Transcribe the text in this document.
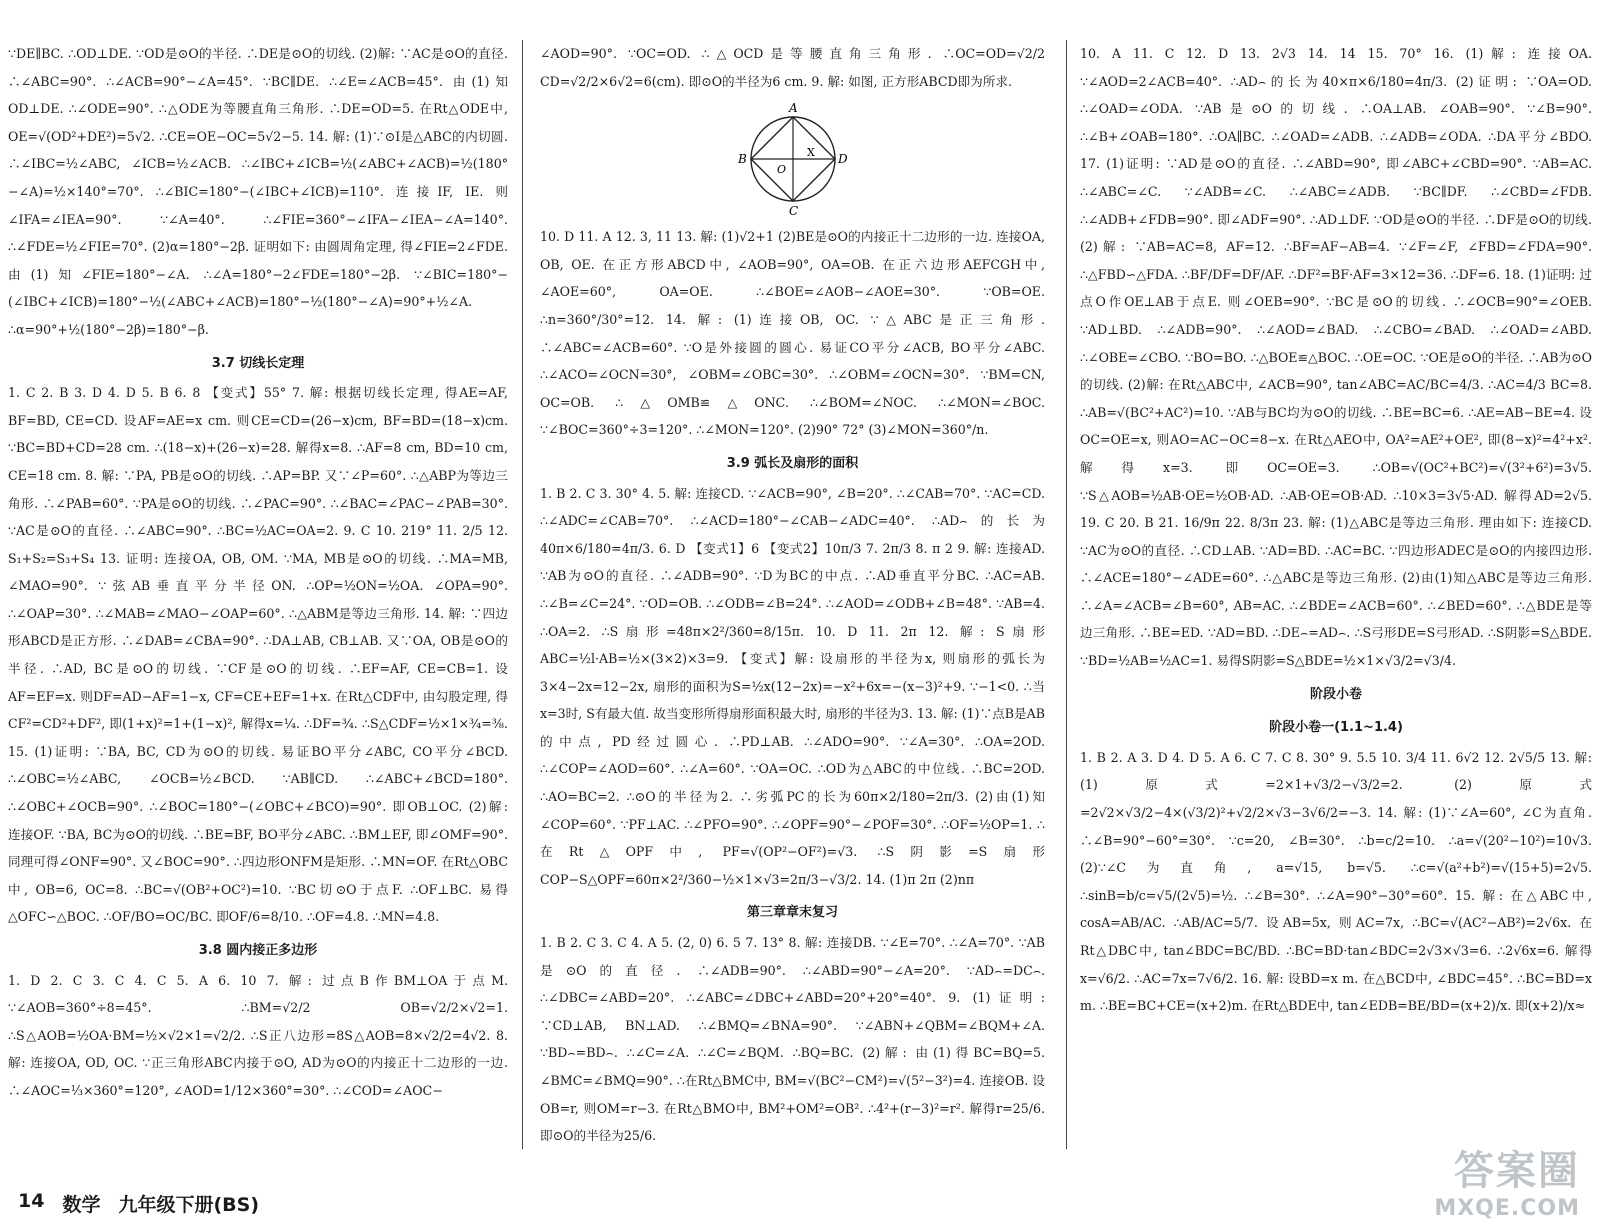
∵DE∥BC. ∴OD⊥DE. ∵OD是⊙O的半径. ∴DE是⊙O的切线. (2)解: ∵AC是⊙O的直径. ∴∠ABC=90°. ∴∠ACB=90°−∠A=45°. ∵BC∥DE. ∴∠E=∠ACB=45°. 由(1)知OD⊥DE. ∴∠ODE=90°. ∴△ODE为等腰直角三角形. ∴DE=OD=5. 在Rt△ODE中, OE=√(OD²+DE²)=5√2. ∴CE=OE−OC=5√2−5. 14. 解: (1)∵⊙I是△ABC的内切圆. ∴∠IBC=½∠ABC, ∠ICB=½∠ACB. ∴∠IBC+∠ICB=½(∠ABC+∠ACB)=½(180°−∠A)=½×140°=70°. ∴∠BIC=180°−(∠IBC+∠ICB)=110°. 连接IF, IE. 则∠IFA=∠IEA=90°. ∵∠A=40°. ∴∠FIE=360°−∠IFA−∠IEA−∠A=140°. ∴∠FDE=½∠FIE=70°. (2)α=180°−2β. 证明如下: 由圆周角定理, 得∠FIE=2∠FDE. 由(1)知∠FIE=180°−∠A. ∴∠A=180°−2∠FDE=180°−2β. ∵∠BIC=180°−(∠IBC+∠ICB)=180°−½(∠ABC+∠ACB)=180°−½(180°−∠A)=90°+½∠A. ∴α=90°+½(180°−2β)=180°−β.

3.7 切线长定理

1. C 2. B 3. D 4. D 5. B 6. 8 【变式】55° 7. 解: 根据切线长定理, 得AE=AF, BF=BD, CE=CD. 设AF=AE=x cm. 则CE=CD=(26−x)cm, BF=BD=(18−x)cm. ∵BC=BD+CD=28 cm. ∴(18−x)+(26−x)=28. 解得x=8. ∴AF=8 cm, BD=10 cm, CE=18 cm. 8. 解: ∵PA, PB是⊙O的切线. ∴AP=BP. 又∵∠P=60°. ∴△ABP为等边三角形. ∴∠PAB=60°. ∵PA是⊙O的切线. ∴∠PAC=90°. ∴∠BAC=∠PAC−∠PAB=30°. ∵AC是⊙O的直径. ∴∠ABC=90°. ∴BC=½AC=OA=2. 9. C 10. 219° 11. 2/5 12. S₁+S₂=S₃+S₄ 13. 证明: 连接OA, OB, OM. ∵MA, MB是⊙O的切线. ∴MA=MB, ∠MAO=90°. ∵弦AB垂直平分半径ON. ∴OP=½ON=½OA. ∠OPA=90°. ∴∠OAP=30°. ∴∠MAB=∠MAO−∠OAP=60°. ∴△ABM是等边三角形. 14. 解: ∵四边形ABCD是正方形. ∴∠DAB=∠CBA=90°. ∴DA⊥AB, CB⊥AB. 又∵OA, OB是⊙O的半径. ∴AD, BC是⊙O的切线. ∵CF是⊙O的切线. ∴EF=AF, CE=CB=1. 设AF=EF=x. 则DF=AD−AF=1−x, CF=CE+EF=1+x. 在Rt△CDF中, 由勾股定理, 得CF²=CD²+DF², 即(1+x)²=1+(1−x)², 解得x=¼. ∴DF=¾. ∴S△CDF=½×1×¾=⅜. 15. (1)证明: ∵BA, BC, CD为⊙O的切线. 易证BO平分∠ABC, CO平分∠BCD. ∴∠OBC=½∠ABC, ∠OCB=½∠BCD. ∵AB∥CD. ∴∠ABC+∠BCD=180°. ∴∠OBC+∠OCB=90°. ∴∠BOC=180°−(∠OBC+∠BCO)=90°. 即OB⊥OC. (2)解: 连接OF. ∵BA, BC为⊙O的切线. ∴BE=BF, BO平分∠ABC. ∴BM⊥EF, 即∠OMF=90°. 同理可得∠ONF=90°. 又∠BOC=90°. ∴四边形ONFM是矩形. ∴MN=OF. 在Rt△OBC中, OB=6, OC=8. ∴BC=√(OB²+OC²)=10. ∵BC切⊙O于点F. ∴OF⊥BC. 易得△OFC∽△BOC. ∴OF/BO=OC/BC. 即OF/6=8/10. ∴OF=4.8. ∴MN=4.8.

3.8 圆内接正多边形

1. D 2. C 3. C 4. C 5. A 6. 10 7. 解: 过点B作BM⊥OA于点M. ∵∠AOB=360°÷8=45°. ∴BM=√2/2 OB=√2/2×√2=1. ∴S△AOB=½OA·BM=½×√2×1=√2/2. ∴S正八边形=8S△AOB=8×√2/2=4√2. 8. 解: 连接OA, OD, OC. ∵正三角形ABC内接于⊙O, AD为⊙O的内接正十二边形的一边. ∴∠AOC=⅓×360°=120°, ∠AOD=1/12×360°=30°. ∴∠COD=∠AOC−

∠AOD=90°. ∵OC=OD. ∴△OCD是等腰直角三角形. ∴OC=OD=√2/2 CD=√2/2×6√2=6(cm). 即⊙O的半径为6 cm. 9. 解: 如图, 正方形ABCD即为所求.

A
B	D
C
O
X

10. D 11. A 12. 3, 11 13. 解: (1)√2+1 (2)BE是⊙O的内接正十二边形的一边. 连接OA, OB, OE. 在正方形ABCD中, ∠AOB=90°, OA=OB. 在正六边形AEFCGH中, ∠AOE=60°, OA=OE. ∴∠BOE=∠AOB−∠AOE=30°. ∵OB=OE. ∴n=360°/30°=12. 14. 解: (1)连接OB, OC. ∵△ABC是正三角形. ∴∠ABC=∠ACB=60°. ∵O是外接圆的圆心. 易证CO平分∠ACB, BO平分∠ABC. ∴∠ACO=∠OCN=30°, ∠OBM=∠OBC=30°. ∴∠OBM=∠OCN=30°. ∵BM=CN, OC=OB. ∴△OMB≌△ONC. ∴∠BOM=∠NOC. ∴∠MON=∠BOC. ∵∠BOC=360°÷3=120°. ∴∠MON=120°. (2)90° 72° (3)∠MON=360°/n.

3.9 弧长及扇形的面积

1. B 2. C 3. 30° 4. 5. 解: 连接CD. ∵∠ACB=90°, ∠B=20°. ∴∠CAB=70°. ∵AC=CD. ∴∠ADC=∠CAB=70°. ∴∠ACD=180°−∠CAB−∠ADC=40°. ∴AD⌢的长为40π×6/180=4π/3. 6. D 【变式1】6 【变式2】10π/3 7. 2π/3 8. π 2 9. 解: 连接AD. ∵AB为⊙O的直径. ∴∠ADB=90°. ∵D为BC的中点. ∴AD垂直平分BC. ∴AC=AB. ∴∠B=∠C=24°. ∵OD=OB. ∴∠ODB=∠B=24°. ∴∠AOD=∠ODB+∠B=48°. ∵AB=4. ∴OA=2. ∴S扇形=48π×2²/360=8/15π. 10. D 11. 2π 12. 解: S扇形ABC=½l·AB=½×(3×2)×3=9. 【变式】解: 设扇形的半径为x, 则扇形的弧长为3×4−2x=12−2x, 扇形的面积为S=½x(12−2x)=−x²+6x=−(x−3)²+9. ∵−1<0. ∴当x=3时, S有最大值. 故当变形所得扇形面积最大时, 扇形的半径为3. 13. 解: (1)∵点B是AB的中点, PD经过圆心. ∴PD⊥AB. ∴∠ADO=90°. ∵∠A=30°. ∴OA=2OD. ∴∠COP=∠AOD=60°. ∴∠A=60°. ∵OA=OC. ∴OD为△ABC的中位线. ∴BC=2OD. ∴AO=BC=2. ∴⊙O的半径为2. ∴劣弧PC的长为60π×2/180=2π/3. (2)由(1)知∠COP=60°. ∵PF⊥AC. ∴∠PFO=90°. ∴∠OPF=90°−∠POF=30°. ∴OF=½OP=1. ∴在Rt△OPF中, PF=√(OP²−OF²)=√3. ∴S阴影=S扇形COP−S△OPF=60π×2²/360−½×1×√3=2π/3−√3/2. 14. (1)π 2π (2)nπ

第三章章末复习

1. B 2. C 3. C 4. A 5. (2, 0) 6. 5 7. 13° 8. 解: 连接DB. ∵∠E=70°. ∴∠A=70°. ∵AB是⊙O的直径. ∴∠ADB=90°. ∴∠ABD=90°−∠A=20°. ∵AD⌢=DC⌢. ∴∠DBC=∠ABD=20°. ∴∠ABC=∠DBC+∠ABD=20°+20°=40°. 9. (1)证明: ∵CD⊥AB, BN⊥AD. ∴∠BMQ=∠BNA=90°. ∵∠ABN+∠QBM=∠BQM+∠A. ∵BD⌢=BD⌢. ∴∠C=∠A. ∴∠C=∠BQM. ∴BQ=BC. (2)解: 由(1)得BC=BQ=5. ∠BMC=∠BMQ=90°. ∴在Rt△BMC中, BM=√(BC²−CM²)=√(5²−3²)=4. 连接OB. 设OB=r, 则OM=r−3. 在Rt△BMO中, BM²+OM²=OB². ∴4²+(r−3)²=r². 解得r=25/6. 即⊙O的半径为25/6.

10. A 11. C 12. D 13. 2√3 14. 14 15. 70° 16. (1)解: 连接OA. ∵∠AOD=2∠ACB=40°. ∴AD⌢的长为40×π×6/180=4π/3. (2)证明: ∵OA=OD. ∴∠OAD=∠ODA. ∵AB是⊙O的切线. ∴OA⊥AB. ∠OAB=90°. ∵∠B=90°. ∴∠B+∠OAB=180°. ∴OA∥BC. ∴∠OAD=∠ADB. ∴∠ADB=∠ODA. ∴DA平分∠BDO. 17. (1)证明: ∵AD是⊙O的直径. ∴∠ABD=90°, 即∠ABC+∠CBD=90°. ∵AB=AC. ∴∠ABC=∠C. ∵∠ADB=∠C. ∴∠ABC=∠ADB. ∵BC∥DF. ∴∠CBD=∠FDB. ∴∠ADB+∠FDB=90°. 即∠ADF=90°. ∴AD⊥DF. ∵OD是⊙O的半径. ∴DF是⊙O的切线. (2)解: ∵AB=AC=8, AF=12. ∴BF=AF−AB=4. ∵∠F=∠F, ∠FBD=∠FDA=90°. ∴△FBD∽△FDA. ∴BF/DF=DF/AF. ∴DF²=BF·AF=3×12=36. ∴DF=6. 18. (1)证明: 过点O作OE⊥AB于点E. 则∠OEB=90°. ∵BC是⊙O的切线. ∴∠OCB=90°=∠OEB. ∵AD⊥BD. ∴∠ADB=90°. ∴∠AOD=∠BAD. ∴∠CBO=∠BAD. ∴∠OAD=∠ABD. ∴∠OBE=∠CBO. ∵BO=BO. ∴△BOE≌△BOC. ∴OE=OC. ∵OE是⊙O的半径. ∴AB为⊙O的切线. (2)解: 在Rt△ABC中, ∠ACB=90°, tan∠ABC=AC/BC=4/3. ∴AC=4/3 BC=8. ∴AB=√(BC²+AC²)=10. ∵AB与BC均为⊙O的切线. ∴BE=BC=6. ∴AE=AB−BE=4. 设OC=OE=x, 则AO=AC−OC=8−x. 在Rt△AEO中, OA²=AE²+OE², 即(8−x)²=4²+x². 解得x=3. 即OC=OE=3. ∴OB=√(OC²+BC²)=√(3²+6²)=3√5. ∵S△AOB=½AB·OE=½OB·AD. ∴AB·OE=OB·AD. ∴10×3=3√5·AD. 解得AD=2√5. 19. C 20. B 21. 16/9π 22. 8/3π 23. 解: (1)△ABC是等边三角形. 理由如下: 连接CD. ∵AC为⊙O的直径. ∴CD⊥AB. ∵AD=BD. ∴AC=BC. ∵四边形ADEC是⊙O的内接四边形. ∴∠ACE=180°−∠ADE=60°. ∴△ABC是等边三角形. (2)由(1)知△ABC是等边三角形. ∴∠A=∠ACB=∠B=60°, AB=AC. ∴∠BDE=∠ACB=60°. ∴∠BED=60°. ∴△BDE是等边三角形. ∴BE=ED. ∵AD=BD. ∴DE⌢=AD⌢. ∴S弓形DE=S弓形AD. ∴S阴影=S△BDE. ∵BD=½AB=½AC=1. 易得S阴影=S△BDE=½×1×√3/2=√3/4.

阶段小卷
阶段小卷一(1.1~1.4)

1. B 2. A 3. D 4. D 5. A 6. C 7. C 8. 30° 9. 5.5 10. 3/4 11. 6√2 12. 2√5/5 13. 解: (1)原式=2×1+√3/2−√3/2=2. (2)原式=2√2×√3/2−4×(√3/2)²+√2/2×√3−3√6/2=−3. 14. 解: (1)∵∠A=60°, ∠C为直角. ∴∠B=90°−60°=30°. ∵c=20, ∠B=30°. ∴b=c/2=10. ∴a=√(20²−10²)=10√3. (2)∵∠C为直角, a=√15, b=√5. ∴c=√(a²+b²)=√(15+5)=2√5. ∴sinB=b/c=√5/(2√5)=½. ∴∠B=30°. ∴∠A=90°−30°=60°. 15. 解: 在△ABC中, cosA=AB/AC. ∴AB/AC=5/7. 设AB=5x, 则AC=7x, ∴BC=√(AC²−AB²)=2√6x. 在Rt△DBC中, tan∠BDC=BC/BD. ∴BC=BD·tan∠BDC=2√3×√3=6. ∴2√6x=6. 解得x=√6/2. ∴AC=7x=7√6/2. 16. 解: 设BD=x m. 在△BCD中, ∠BDC=45°. ∴BC=BD=x m. ∴BE=BC+CE=(x+2)m. 在Rt△BDE中, tan∠EDB=BE/BD=(x+2)/x. 即(x+2)/x≈

14 数学 九年级下册(BS)
答案圈
MXQE.COM
